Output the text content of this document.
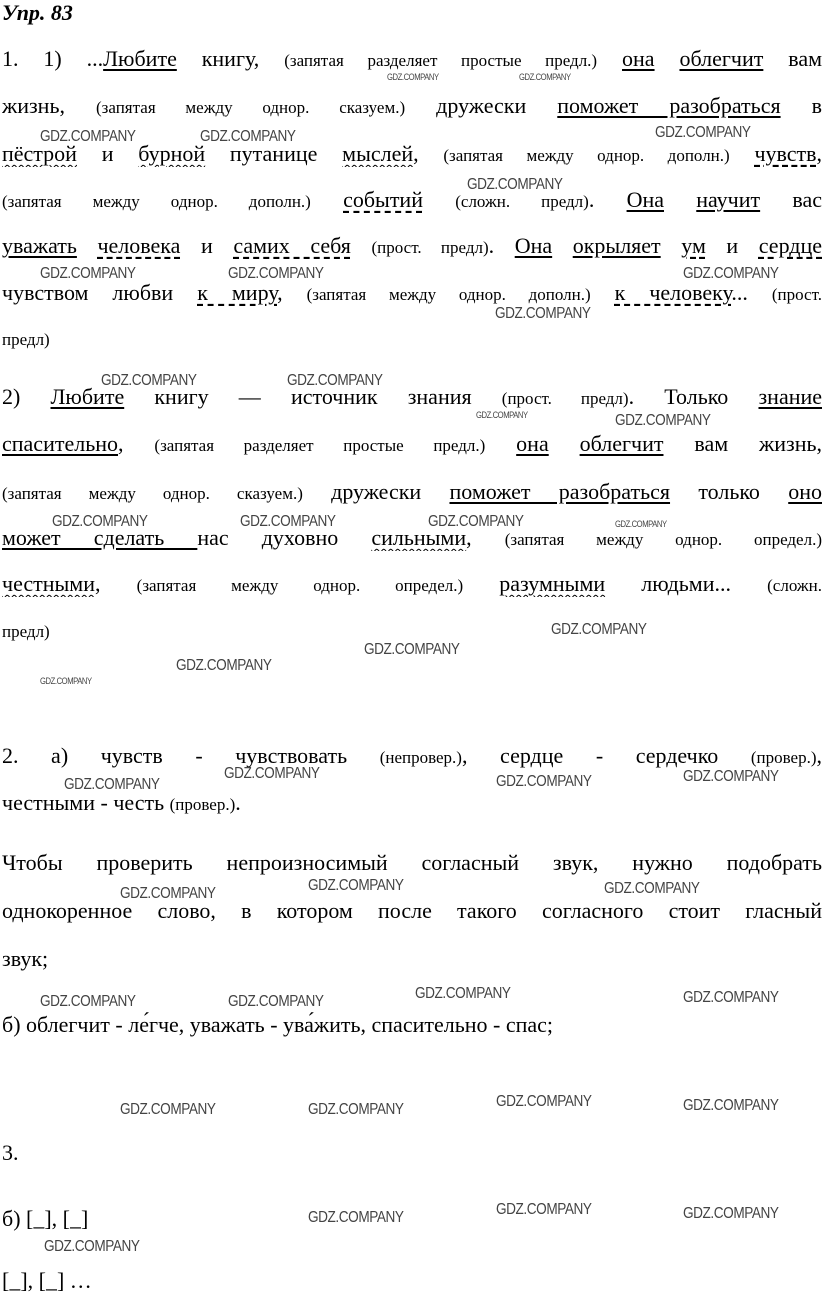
Упр. 83
1. 1) ...Любите книгу, (запятая разделяет простые предл.) она облегчит вам
жизнь, (запятая между однор. сказуем.) дружески поможет разобраться в
пёстрой и бурной путанице мыслей, (запятая между однор. дополн.) чувств,
(запятая между однор. дополн.) событий (сложн. предл). Она научит вас
уважать человека и самих себя (прост. предл). Она окрыляет ум и сердце
чувством любви к миру, (запятая между однор. дополн.) к человеку... (прост.
предл)
2) Любите книгу — источник знания (прост. предл). Только знание
спасительно, (запятая разделяет простые предл.) она облегчит вам жизнь,
(запятая между однор. сказуем.) дружески поможет разобраться только оно
может сделать нас духовно сильными, (запятая между однор. определ.)
честными, (запятая между однор. определ.) разумными людьми... (сложн.
предл)
2. а) чувств - чувствовать (непровер.), сердце - сердечко (провер.),
честными - честь (провер.).
Чтобы проверить непроизносимый согласный звук, нужно подобрать
однокоренное слово, в котором после такого согласного стоит гласный
звук;
б) облегчит - ле́гче, уважать - ува́жить, спасительно - спас;
3.
б) [ ̲ ], [ ̲ ]
[ ̲ ], [ ̲ ] …
GDZ.COMPANY	GDZ.COMPANY
GDZ.COMPANY	GDZ.COMPANY	GDZ.COMPANY
GDZ.COMPANY
GDZ.COMPANY	GDZ.COMPANY	GDZ.COMPANY
GDZ.COMPANY
GDZ.COMPANY	GDZ.COMPANY
GDZ.COMPANY	GDZ.COMPANY
GDZ.COMPANY	GDZ.COMPANY	GDZ.COMPANY	GDZ.COMPANY
GDZ.COMPANY
GDZ.COMPANY
GDZ.COMPANY
GDZ.COMPANY
GDZ.COMPANY
GDZ.COMPANY	GDZ.COMPANY	GDZ.COMPANY
GDZ.COMPANY	GDZ.COMPANY	GDZ.COMPANY
GDZ.COMPANY	GDZ.COMPANY	GDZ.COMPANY	GDZ.COMPANY
GDZ.COMPANY	GDZ.COMPANY	GDZ.COMPANY	GDZ.COMPANY
GDZ.COMPANY	GDZ.COMPANY	GDZ.COMPANY
GDZ.COMPANY
